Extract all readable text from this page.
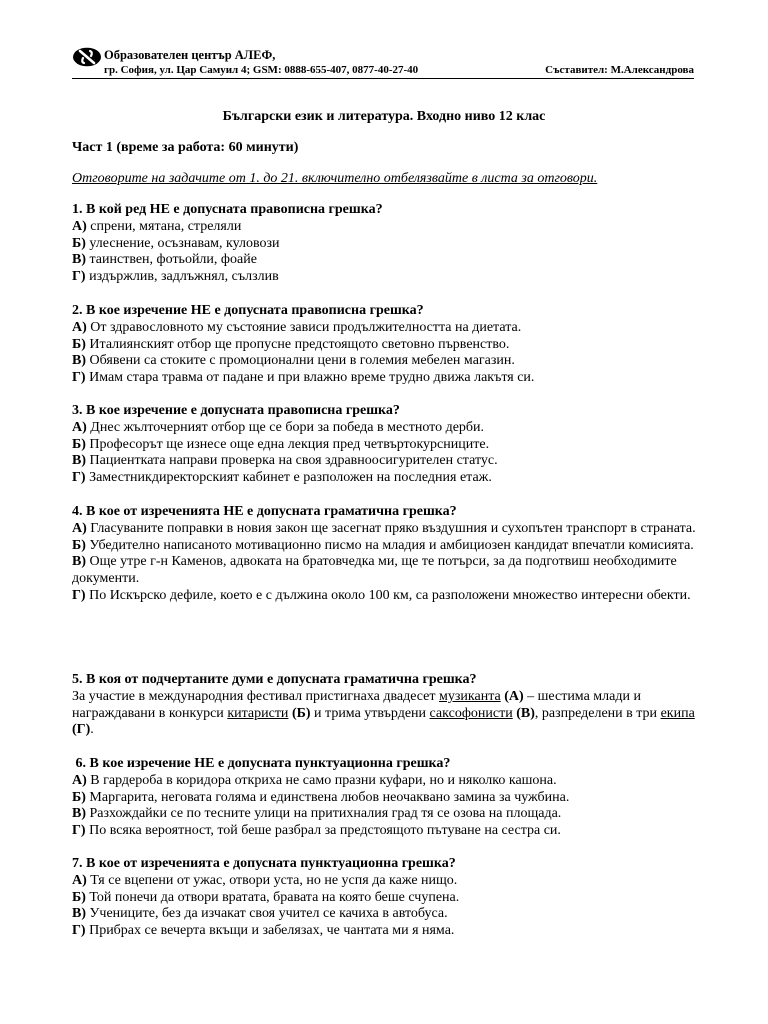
Образователен център АЛЕФ,
гр. София, ул. Цар Самуил 4; GSM: 0888-655-407, 0877-40-27-40	Съставител: М.Александрова
Български език и литература. Входно ниво 12 клас
Част 1 (време за работа: 60 минути)
Отговорите на задачите от 1. до 21. включително отбелязвайте в листа за отговори.
1. В кой ред НЕ е допусната правописна грешка?
А) спрени, мятана, стреляли
Б) улеснение, осъзнавам, куловози
В) таинствен, фотьойли, фоайе
Г) издържлив, задлъжнял, сълзлив
2. В кое изречение НЕ е допусната правописна грешка?
А) От здравословното му състояние зависи продължителността на диетата.
Б) Италиянският отбор ще пропусне предстоящото световно първенство.
В) Обявени са стоките с промоционални цени в големия мебелен магазин.
Г) Имам стара травма от падане и при влажно време трудно движа лакътя си.
3. В кое изречение е допусната правописна грешка?
А) Днес жълточерният отбор ще се бори за победа в местното дерби.
Б) Професорът ще изнесе още една лекция пред четвъртокурсниците.
В) Пациентката направи проверка на своя здравноосигурителен статус.
Г) Заместникдиректорският кабинет е разположен на последния етаж.
4. В кое от изреченията НЕ е допусната граматична грешка?
А) Гласуваните поправки в новия закон ще засегнат пряко въздушния и сухопътен транспорт в страната.
Б) Убедително написаното мотивационно писмо на младия и амбициозен кандидат впечатли комисията.
В) Още утре г-н Каменов, адвоката на братовчедка ми, ще те потърси, за да подготвиш необходимите документи.
Г) По Искърско дефиле, което е с дължина около 100 км, са разположени множество интересни обекти.
5. В коя от подчертаните думи е допусната граматична грешка?
За участие в международния фестивал пристигнаха двадесет музиканта (А) – шестима млади и награждавани в конкурси китаристи (Б) и трима утвърдени саксофонисти (В), разпределени в три екипа (Г).
6. В кое изречение НЕ е допусната пунктуационна грешка?
А) В гардероба в коридора открихa не само празни куфари, но и няколко кашона.
Б) Маргарита, неговата голяма и единствена любов неочаквано замина за чужбина.
В) Разхождайки се по тесните улици на притихналия град тя се озова на площада.
Г) По всяка вероятност, той беше разбрал за предстоящото пътуване на сестра си.
7. В кое от изреченията е допусната пунктуационна грешка?
А) Тя се вцепени от ужас, отвори уста, но не успя да каже нищо.
Б) Той понечи да отвори вратата, бравата на която беше счупена.
В) Учениците, без да изчакат своя учител се качиха в автобуса.
Г) Прибрах се вечерта вкъщи и забелязах, че чантата ми я няма.
